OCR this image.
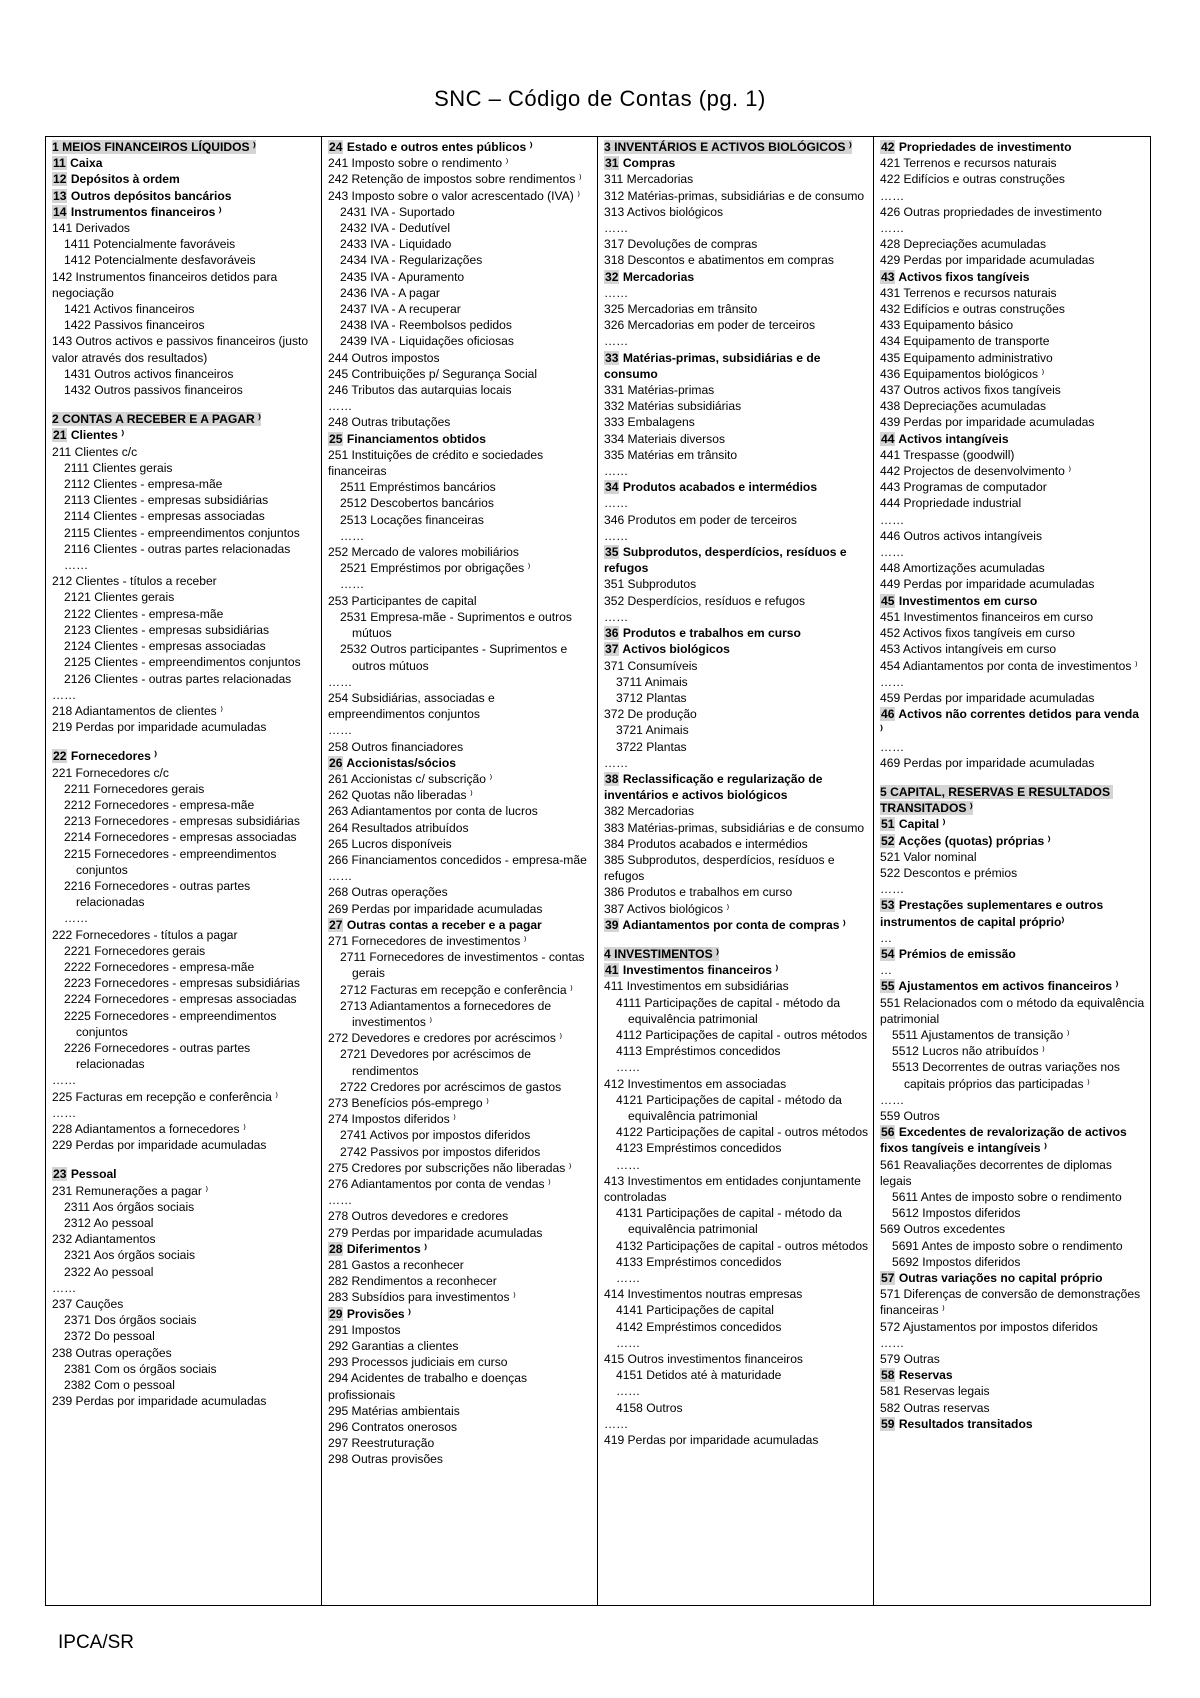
SNC – Código de Contas (pg. 1)
1 MEIOS FINANCEIROS LÍQUIDOS ⁾
11 Caixa
12 Depósitos à ordem
13 Outros depósitos bancários
14 Instrumentos financeiros ⁾
141 Derivados
1411 Potencialmente favoráveis
1412 Potencialmente desfavoráveis
142 Instrumentos financeiros detidos para negociação
1421 Activos financeiros
1422 Passivos financeiros
143 Outros activos e passivos financeiros (justo valor através dos resultados)
1431 Outros activos financeiros
1432 Outros passivos financeiros
2 CONTAS A RECEBER E A PAGAR ⁾
21 Clientes ⁾
211 Clientes c/c
2111 Clientes gerais
2112 Clientes - empresa-mãe
2113 Clientes - empresas subsidiárias
2114 Clientes - empresas associadas
2115 Clientes - empreendimentos conjuntos
2116 Clientes - outras partes relacionadas
……
212 Clientes - títulos a receber
2121 Clientes gerais
2122 Clientes - empresa-mãe
2123 Clientes - empresas subsidiárias
2124 Clientes - empresas associadas
2125 Clientes - empreendimentos conjuntos
2126 Clientes - outras partes relacionadas
……
218 Adiantamentos de clientes ⁾
219 Perdas por imparidade acumuladas
22 Fornecedores ⁾
221 Fornecedores c/c
2211 Fornecedores gerais
2212 Fornecedores - empresa-mãe
2213 Fornecedores - empresas subsidiárias
2214 Fornecedores - empresas associadas
2215 Fornecedores - empreendimentos conjuntos
2216 Fornecedores - outras partes relacionadas
……
222 Fornecedores - títulos a pagar
2221 Fornecedores gerais
2222 Fornecedores - empresa-mãe
2223 Fornecedores - empresas subsidiárias
2224 Fornecedores - empresas associadas
2225 Fornecedores - empreendimentos conjuntos
2226 Fornecedores - outras partes relacionadas
……
225 Facturas em recepção e conferência ⁾
……
228 Adiantamentos a fornecedores ⁾
229 Perdas por imparidade acumuladas
23 Pessoal
231 Remunerações a pagar ⁾
2311 Aos órgãos sociais
2312 Ao pessoal
232 Adiantamentos
2321 Aos órgãos sociais
2322 Ao pessoal
……
237 Cauções
2371 Dos órgãos sociais
2372 Do pessoal
238 Outras operações
2381 Com os órgãos sociais
2382 Com o pessoal
239 Perdas por imparidade acumuladas
24 Estado e outros entes públicos ⁾
241 Imposto sobre o rendimento ⁾
242 Retenção de impostos sobre rendimentos ⁾
243 Imposto sobre o valor acrescentado (IVA) ⁾
2431 IVA - Suportado
2432 IVA - Dedutível
2433 IVA - Liquidado
2434 IVA - Regularizações
2435 IVA - Apuramento
2436 IVA - A pagar
2437 IVA - A recuperar
2438 IVA - Reembolsos pedidos
2439 IVA - Liquidações oficiosas
244 Outros impostos
245 Contribuições p/ Segurança Social
246 Tributos das autarquias locais
……
248 Outras tributações
25 Financiamentos obtidos
251 Instituições de crédito e sociedades financeiras
2511 Empréstimos bancários
2512 Descobertos bancários
2513 Locações financeiras
……
252 Mercado de valores mobiliários
2521 Empréstimos por obrigações ⁾
……
253 Participantes de capital
2531 Empresa-mãe - Suprimentos e outros mútuos
2532 Outros participantes - Suprimentos e outros mútuos
……
254 Subsidiárias, associadas e empreendimentos conjuntos
……
258 Outros financiadores
26 Accionistas/sócios
261 Accionistas c/ subscrição ⁾
262 Quotas não liberadas ⁾
263 Adiantamentos por conta de lucros
264 Resultados atribuídos
265 Lucros disponíveis
266 Financiamentos concedidos - empresa-mãe
……
268 Outras operações
269 Perdas por imparidade acumuladas
27 Outras contas a receber e a pagar
271 Fornecedores de investimentos ⁾
2711 Fornecedores de investimentos - contas gerais
2712 Facturas em recepção e conferência ⁾
2713 Adiantamentos a fornecedores de investimentos ⁾
272 Devedores e credores por acréscimos ⁾
2721 Devedores por acréscimos de rendimentos
2722 Credores por acréscimos de gastos
273 Benefícios pós-emprego ⁾
274 Impostos diferidos ⁾
2741 Activos por impostos diferidos
2742 Passivos por impostos diferidos
275 Credores por subscrições não liberadas ⁾
276 Adiantamentos por conta de vendas ⁾
……
278 Outros devedores e credores
279 Perdas por imparidade acumuladas
28 Diferimentos ⁾
281 Gastos a reconhecer
282 Rendimentos a reconhecer
283 Subsídios para investimentos ⁾
29 Provisões ⁾
291 Impostos
292 Garantias a clientes
293 Processos judiciais em curso
294 Acidentes de trabalho e doenças profissionais
295 Matérias ambientais
296 Contratos onerosos
297 Reestruturação
298 Outras provisões
3 INVENTÁRIOS E ACTIVOS BIOLÓGICOS ⁾
31 Compras
311 Mercadorias
312 Matérias-primas, subsidiárias e de consumo
313 Activos biológicos
……
317 Devoluções de compras
318 Descontos e abatimentos em compras
32 Mercadorias
……
325 Mercadorias em trânsito
326 Mercadorias em poder de terceiros
……
33 Matérias-primas, subsidiárias e de consumo
331 Matérias-primas
332 Matérias subsidiárias
333 Embalagens
334 Materiais diversos
335 Matérias em trânsito
……
34 Produtos acabados e intermédios
……
346 Produtos em poder de terceiros
……
35 Subprodutos, desperdícios, resíduos e refugos
351 Subprodutos
352 Desperdícios, resíduos e refugos
……
36 Produtos e trabalhos em curso
37 Activos biológicos
371 Consumíveis
3711 Animais
3712 Plantas
372 De produção
3721 Animais
3722 Plantas
……
38 Reclassificação e regularização de inventários e activos biológicos
382 Mercadorias
383 Matérias-primas, subsidiárias e de consumo
384 Produtos acabados e intermédios
385 Subprodutos, desperdícios, resíduos e refugos
386 Produtos e trabalhos em curso
387 Activos biológicos ⁾
39 Adiantamentos por conta de compras ⁾
4 INVESTIMENTOS ⁾
41 Investimentos financeiros ⁾
411 Investimentos em subsidiárias
4111 Participações de capital - método da equivalência patrimonial
4112 Participações de capital - outros métodos
4113 Empréstimos concedidos
……
412 Investimentos em associadas
4121 Participações de capital - método da equivalência patrimonial
4122 Participações de capital - outros métodos
4123 Empréstimos concedidos
……
413 Investimentos em entidades conjuntamente controladas
4131 Participações de capital - método da equivalência patrimonial
4132 Participações de capital - outros métodos
4133 Empréstimos concedidos
……
414 Investimentos noutras empresas
4141 Participações de capital
4142 Empréstimos concedidos
……
415 Outros investimentos financeiros
4151 Detidos até à maturidade
……
4158 Outros
……
419 Perdas por imparidade acumuladas
42 Propriedades de investimento
421 Terrenos e recursos naturais
422 Edifícios e outras construções
……
426 Outras propriedades de investimento
……
428 Depreciações acumuladas
429 Perdas por imparidade acumuladas
43 Activos fixos tangíveis
431 Terrenos e recursos naturais
432 Edifícios e outras construções
433 Equipamento básico
434 Equipamento de transporte
435 Equipamento administrativo
436 Equipamentos biológicos ⁾
437 Outros activos fixos tangíveis
438 Depreciações acumuladas
439 Perdas por imparidade acumuladas
44 Activos intangíveis
441 Trespasse (goodwill)
442 Projectos de desenvolvimento ⁾
443 Programas de computador
444 Propriedade industrial
……
446 Outros activos intangíveis
……
448 Amortizações acumuladas
449 Perdas por imparidade acumuladas
45 Investimentos em curso
451 Investimentos financeiros em curso
452 Activos fixos tangíveis em curso
453 Activos intangíveis em curso
454 Adiantamentos por conta de investimentos ⁾
……
459 Perdas por imparidade acumuladas
46 Activos não correntes detidos para venda ⁾
……
469 Perdas por imparidade acumuladas
5 CAPITAL, RESERVAS E RESULTADOS TRANSITADOS ⁾
51 Capital ⁾
52 Acções (quotas) próprias ⁾
521 Valor nominal
522 Descontos e prémios
……
53 Prestações suplementares e outros instrumentos de capital próprio⁾
…
54 Prémios de emissão
…
55 Ajustamentos em activos financeiros ⁾
551 Relacionados com o método da equivalência patrimonial
5511 Ajustamentos de transição ⁾
5512 Lucros não atribuídos ⁾
5513 Decorrentes de outras variações nos capitais próprios das participadas ⁾
……
559 Outros
56 Excedentes de revalorização de activos fixos tangíveis e intangíveis ⁾
561 Reavaliações decorrentes de diplomas legais
5611 Antes de imposto sobre o rendimento
5612 Impostos diferidos
569 Outros excedentes
5691 Antes de imposto sobre o rendimento
5692 Impostos diferidos
57 Outras variações no capital próprio
571 Diferenças de conversão de demonstrações financeiras ⁾
572 Ajustamentos por impostos diferidos
……
579 Outras
58 Reservas
581 Reservas legais
582 Outras reservas
59 Resultados transitados
IPCA/SR
